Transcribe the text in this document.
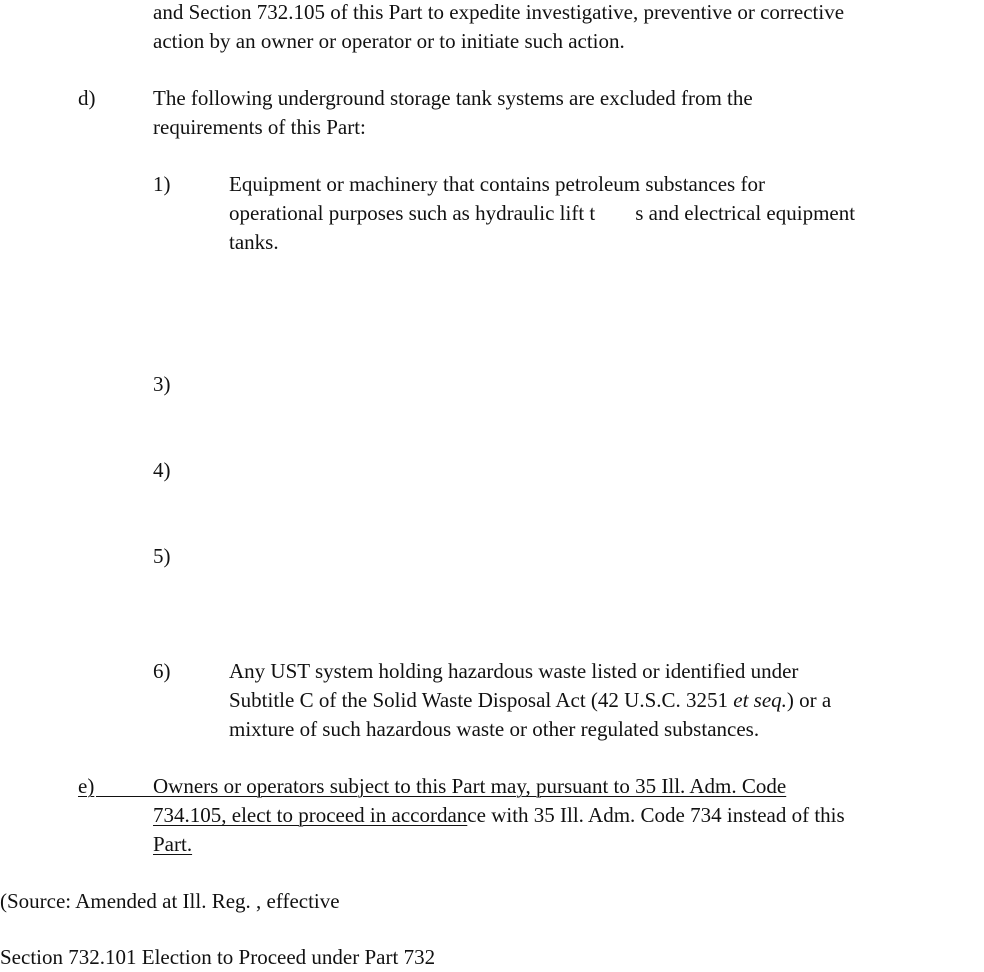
and Section 732.105 of this Part to expedite investigative, preventive or corrective

action by an owner or operator or to initiate such action.

d)	The following underground storage tank systems are excluded from the

requirements of this Part:

1)	Equipment or machinery that contains petroleum substances for

operational purposes such as hydraulic lift t s and electrical equipment

tanks.

3)
4)
5)
6)	Any UST system holding hazardous waste listed or identified under

Subtitle C of the Solid Waste Disposal Act (42 U.S.C. 3251 et seq.) or a

mixture of such hazardous waste or other regulated substances.

e)	Owners or operators subject to this Part may, pursuant to 35 Ill. Adm. Code

734.105, elect to proceed in accordance with 35 Ill. Adm. Code 734 instead of this

Part.

(Source: Amended at Ill. Reg. , effective

Section 732.101 Election to Proceed under Part 732
